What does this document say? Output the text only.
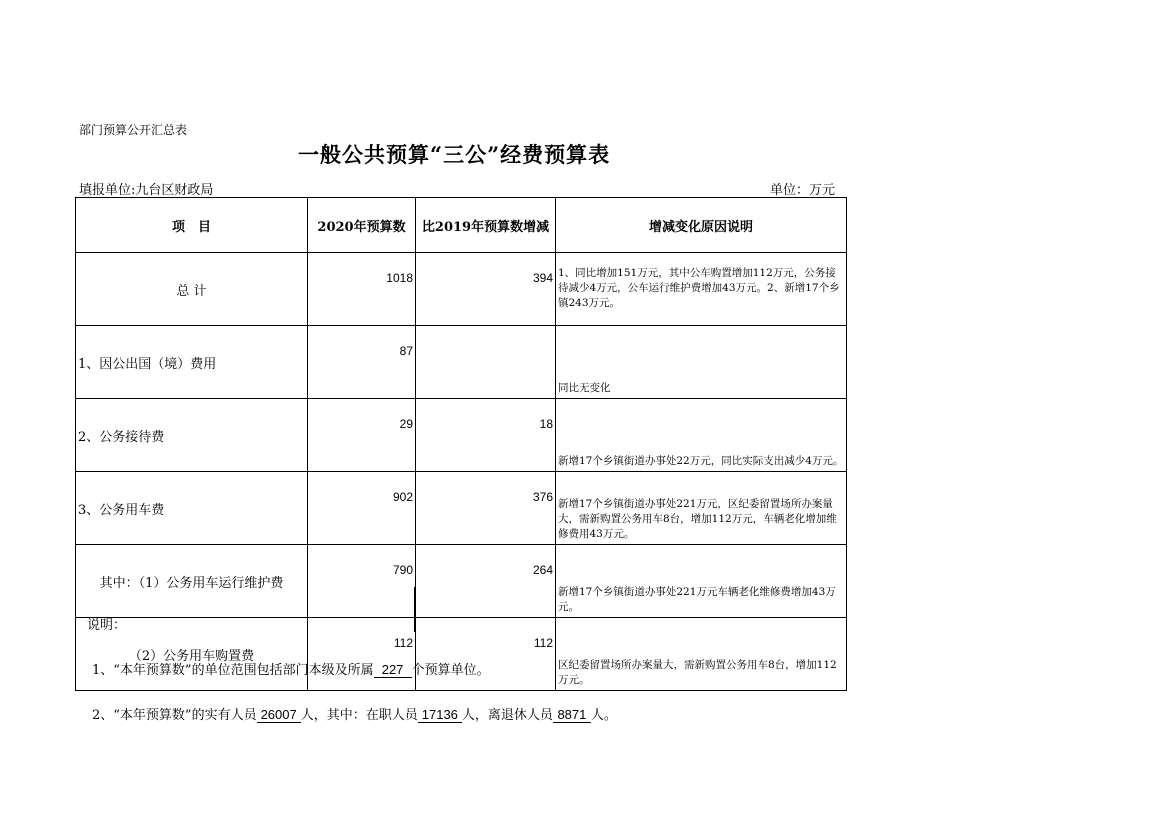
部门预算公开汇总表
一般公共预算“三公”经费预算表
填报单位:九台区财政局	单位：万元
项　目	2020年预算数	比2019年预算数增减	增减变化原因说明
总 计	1018	394	1、同比增加151万元，其中公车购置增加112万元，公务接待减少4万元，公车运行维护费增加43万元。2、新增17个乡镇243万元。
1、因公出国（境）费用	87		同比无变化
2、公务接待费	29	18	新增17个乡镇街道办事处22万元，同比实际支出减少4万元。
3、公务用车费	902	376	新增17个乡镇街道办事处221万元，区纪委留置场所办案量大，需新购置公务用车8台，增加112万元，车辆老化增加维修费用43万元。
其中：（1）公务用车运行维护费	790	264	新增17个乡镇街道办事处221万元车辆老化维修费增加43万元。
（2）公务用车购置费	112	112	区纪委留置场所办案量大，需新购置公务用车8台，增加112万元。
说明：
1、“本年预算数”的单位范围包括部门本级及所属 227 个预算单位。
2、“本年预算数”的实有人员 26007 人，其中：在职人员 17136 人，离退休人员 8871 人。
